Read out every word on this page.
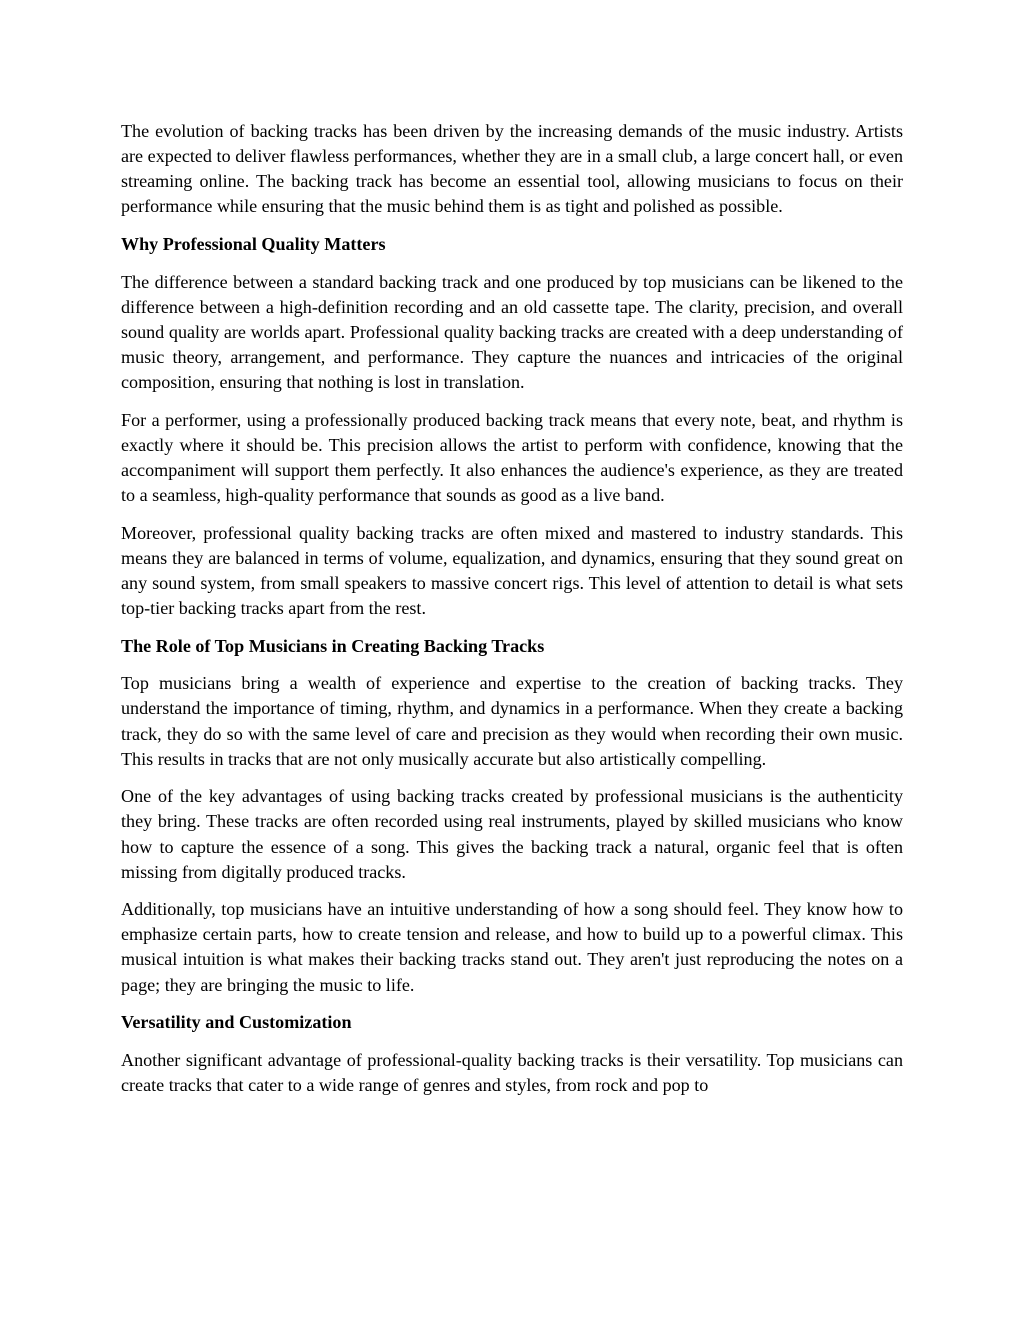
The evolution of backing tracks has been driven by the increasing demands of the music industry. Artists are expected to deliver flawless performances, whether they are in a small club, a large concert hall, or even streaming online. The backing track has become an essential tool, allowing musicians to focus on their performance while ensuring that the music behind them is as tight and polished as possible.

Why Professional Quality Matters

The difference between a standard backing track and one produced by top musicians can be likened to the difference between a high-definition recording and an old cassette tape. The clarity, precision, and overall sound quality are worlds apart. Professional quality backing tracks are created with a deep understanding of music theory, arrangement, and performance. They capture the nuances and intricacies of the original composition, ensuring that nothing is lost in translation.

For a performer, using a professionally produced backing track means that every note, beat, and rhythm is exactly where it should be. This precision allows the artist to perform with confidence, knowing that the accompaniment will support them perfectly. It also enhances the audience's experience, as they are treated to a seamless, high-quality performance that sounds as good as a live band.

Moreover, professional quality backing tracks are often mixed and mastered to industry standards. This means they are balanced in terms of volume, equalization, and dynamics, ensuring that they sound great on any sound system, from small speakers to massive concert rigs. This level of attention to detail is what sets top-tier backing tracks apart from the rest.

The Role of Top Musicians in Creating Backing Tracks

Top musicians bring a wealth of experience and expertise to the creation of backing tracks. They understand the importance of timing, rhythm, and dynamics in a performance. When they create a backing track, they do so with the same level of care and precision as they would when recording their own music. This results in tracks that are not only musically accurate but also artistically compelling.

One of the key advantages of using backing tracks created by professional musicians is the authenticity they bring. These tracks are often recorded using real instruments, played by skilled musicians who know how to capture the essence of a song. This gives the backing track a natural, organic feel that is often missing from digitally produced tracks.

Additionally, top musicians have an intuitive understanding of how a song should feel. They know how to emphasize certain parts, how to create tension and release, and how to build up to a powerful climax. This musical intuition is what makes their backing tracks stand out. They aren't just reproducing the notes on a page; they are bringing the music to life.

Versatility and Customization

Another significant advantage of professional-quality backing tracks is their versatility. Top musicians can create tracks that cater to a wide range of genres and styles, from rock and pop to
